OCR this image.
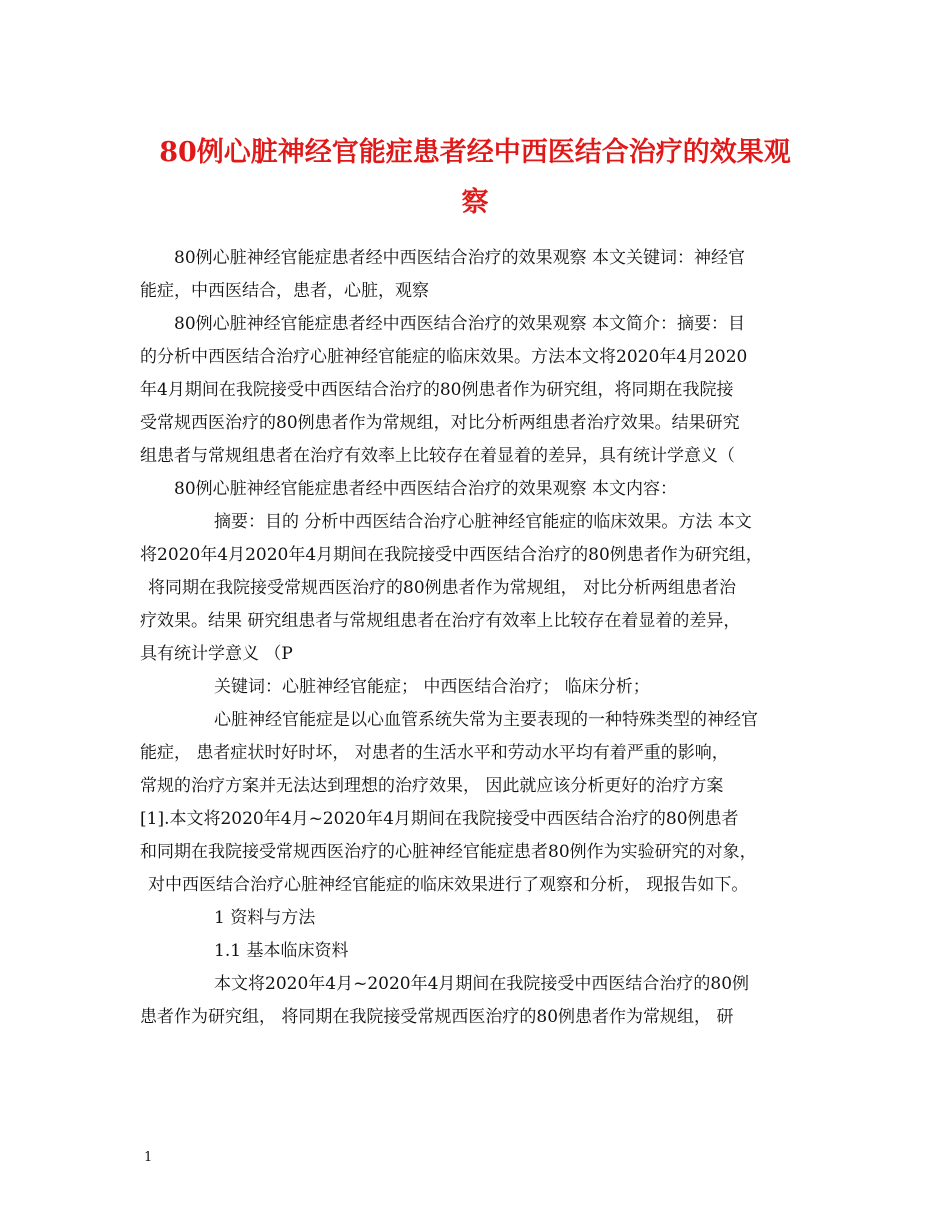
80例心脏神经官能症患者经中西医结合治疗的效果观
察
80例心脏神经官能症患者经中西医结合治疗的效果观察 本文关键词：神经官
能症，中西医结合，患者，心脏，观察
80例心脏神经官能症患者经中西医结合治疗的效果观察 本文简介：摘要：目
的分析中西医结合治疗心脏神经官能症的临床效果。方法本文将2020年4月2020
年4月期间在我院接受中西医结合治疗的80例患者作为研究组，将同期在我院接
受常规西医治疗的80例患者作为常规组，对比分析两组患者治疗效果。结果研究
组患者与常规组患者在治疗有效率上比较存在着显着的差异，具有统计学意义（
80例心脏神经官能症患者经中西医结合治疗的效果观察 本文内容：
摘要：目的 分析中西医结合治疗心脏神经官能症的临床效果。方法 本文
将2020年4月2020年4月期间在我院接受中西医结合治疗的80例患者作为研究组，
将同期在我院接受常规西医治疗的80例患者作为常规组， 对比分析两组患者治
疗效果。结果 研究组患者与常规组患者在治疗有效率上比较存在着显着的差异，
具有统计学意义 （P
关键词：心脏神经官能症； 中西医结合治疗； 临床分析；
心脏神经官能症是以心血管系统失常为主要表现的一种特殊类型的神经官
能症， 患者症状时好时坏， 对患者的生活水平和劳动水平均有着严重的影响，
常规的治疗方案并无法达到理想的治疗效果， 因此就应该分析更好的治疗方案
[1].本文将2020年4月~2020年4月期间在我院接受中西医结合治疗的80例患者
和同期在我院接受常规西医治疗的心脏神经官能症患者80例作为实验研究的对象，
对中西医结合治疗心脏神经官能症的临床效果进行了观察和分析， 现报告如下。
1 资料与方法
1.1 基本临床资料
本文将2020年4月~2020年4月期间在我院接受中西医结合治疗的80例
患者作为研究组， 将同期在我院接受常规西医治疗的80例患者作为常规组， 研
1
